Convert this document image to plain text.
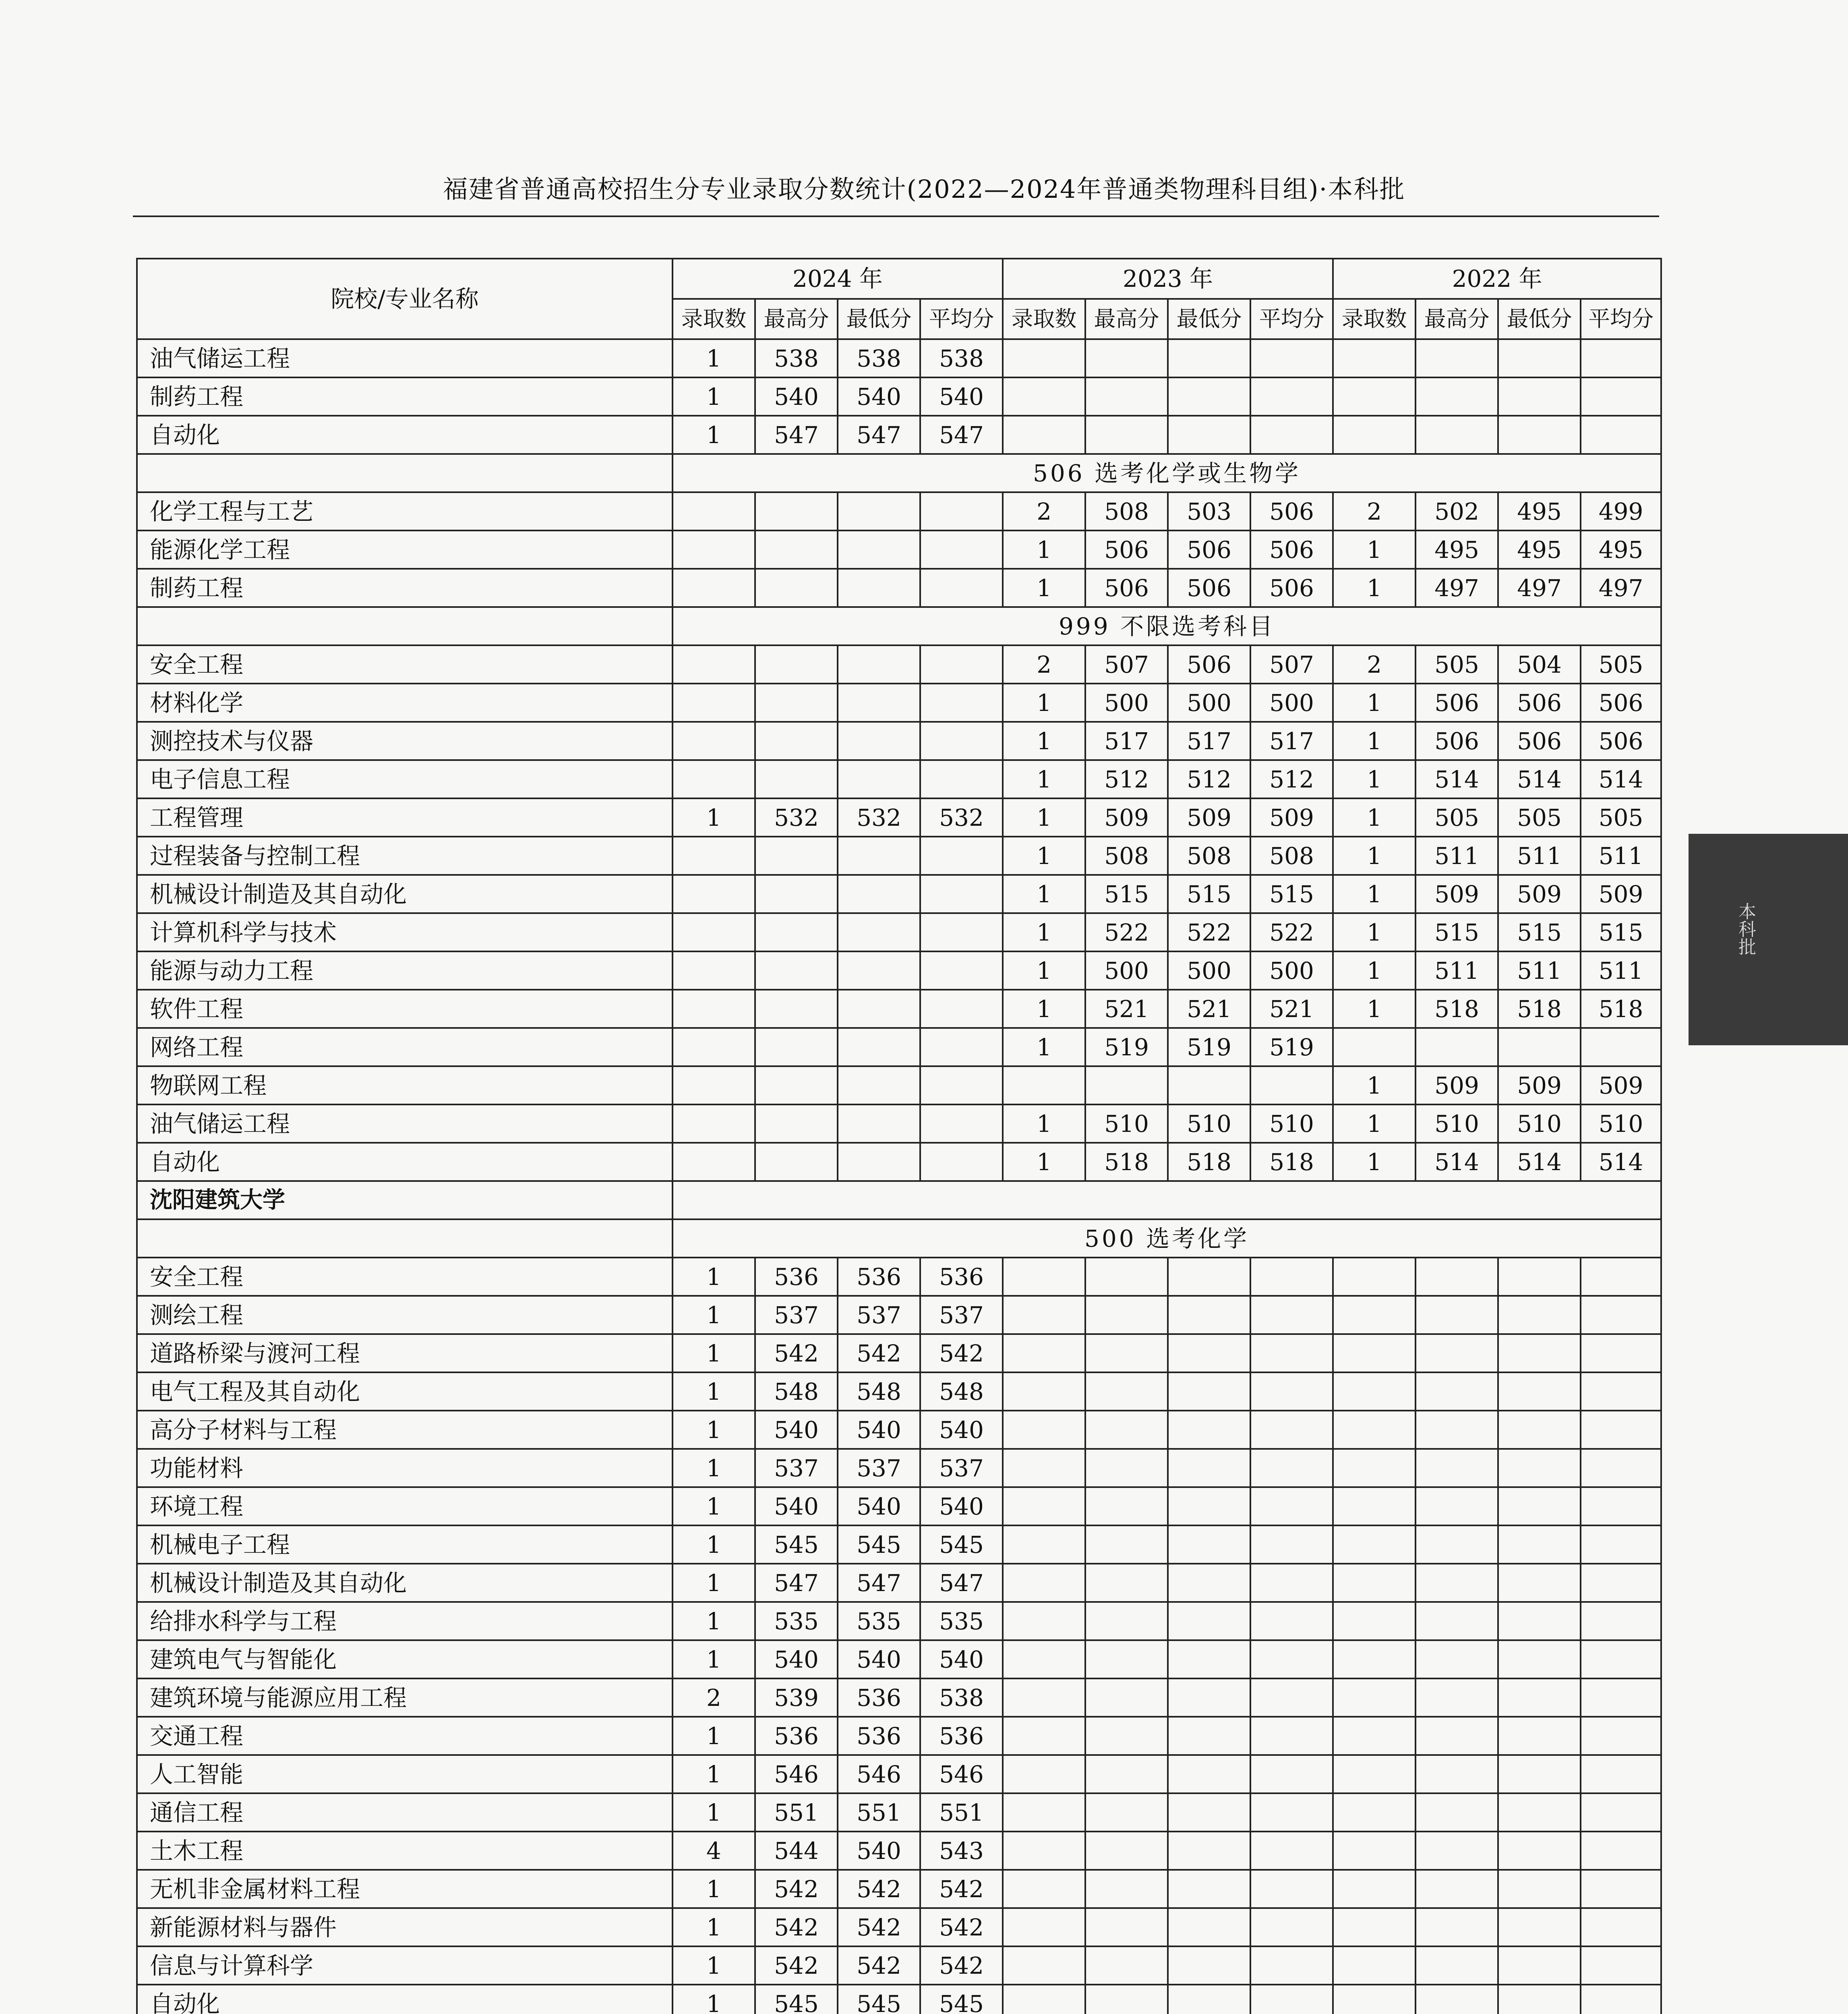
福建省普通高校招生分专业录取分数统计(2022—2024年普通类物理科目组)·本科批
院校/专业名称	2024 年				2023 年				2022 年			
	录取数	最高分	最低分	平均分	录取数	最高分	最低分	平均分	录取数	最高分	最低分	平均分
油气储运工程	1	538	538	538								
制药工程	1	540	540	540								
自动化	1	547	547	547								
	506 选考化学或生物学											
化学工程与工艺					2	508	503	506	2	502	495	499
能源化学工程					1	506	506	506	1	495	495	495
制药工程					1	506	506	506	1	497	497	497
	999 不限选考科目											
安全工程					2	507	506	507	2	505	504	505
材料化学					1	500	500	500	1	506	506	506
测控技术与仪器					1	517	517	517	1	506	506	506
电子信息工程					1	512	512	512	1	514	514	514
工程管理	1	532	532	532	1	509	509	509	1	505	505	505
过程装备与控制工程					1	508	508	508	1	511	511	511
机械设计制造及其自动化					1	515	515	515	1	509	509	509
计算机科学与技术					1	522	522	522	1	515	515	515
能源与动力工程					1	500	500	500	1	511	511	511
软件工程					1	521	521	521	1	518	518	518
网络工程					1	519	519	519				
物联网工程									1	509	509	509
油气储运工程					1	510	510	510	1	510	510	510
自动化					1	518	518	518	1	514	514	514
沈阳建筑大学												
	500 选考化学											
安全工程	1	536	536	536								
测绘工程	1	537	537	537								
道路桥梁与渡河工程	1	542	542	542								
电气工程及其自动化	1	548	548	548								
高分子材料与工程	1	540	540	540								
功能材料	1	537	537	537								
环境工程	1	540	540	540								
机械电子工程	1	545	545	545								
机械设计制造及其自动化	1	547	547	547								
给排水科学与工程	1	535	535	535								
建筑电气与智能化	1	540	540	540								
建筑环境与能源应用工程	2	539	536	538								
交通工程	1	536	536	536								
人工智能	1	546	546	546								
通信工程	1	551	551	551								
土木工程	4	544	540	543								
无机非金属材料工程	1	542	542	542								
新能源材料与器件	1	542	542	542								
信息与计算科学	1	542	542	542								
自动化	1	545	545	545								

本科批
